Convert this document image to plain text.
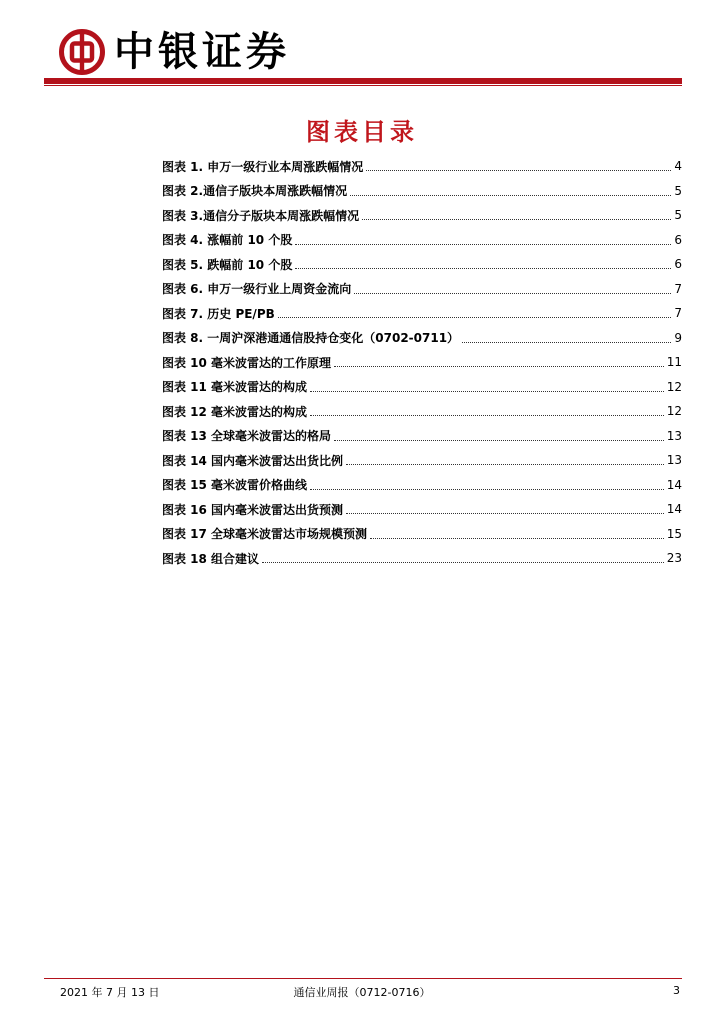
中银证券
图表目录
图表 1. 申万一级行业本周涨跌幅情况	4
图表 2.通信子版块本周涨跌幅情况	5
图表 3.通信分子版块本周涨跌幅情况	5
图表 4. 涨幅前 10 个股	6
图表 5. 跌幅前 10 个股	6
图表 6. 申万一级行业上周资金流向	7
图表 7. 历史 PE/PB	7
图表 8. 一周沪深港通通信股持仓变化（0702-0711）	9
图表 10 毫米波雷达的工作原理	11
图表 11 毫米波雷达的构成	12
图表 12 毫米波雷达的构成	12
图表 13 全球毫米波雷达的格局	13
图表 14 国内毫米波雷达出货比例	13
图表 15 毫米波雷价格曲线	14
图表 16 国内毫米波雷达出货预测	14
图表 17 全球毫米波雷达市场规模预测	15
图表 18 组合建议	23
2021 年 7 月 13 日	通信业周报（0712-0716）	3
